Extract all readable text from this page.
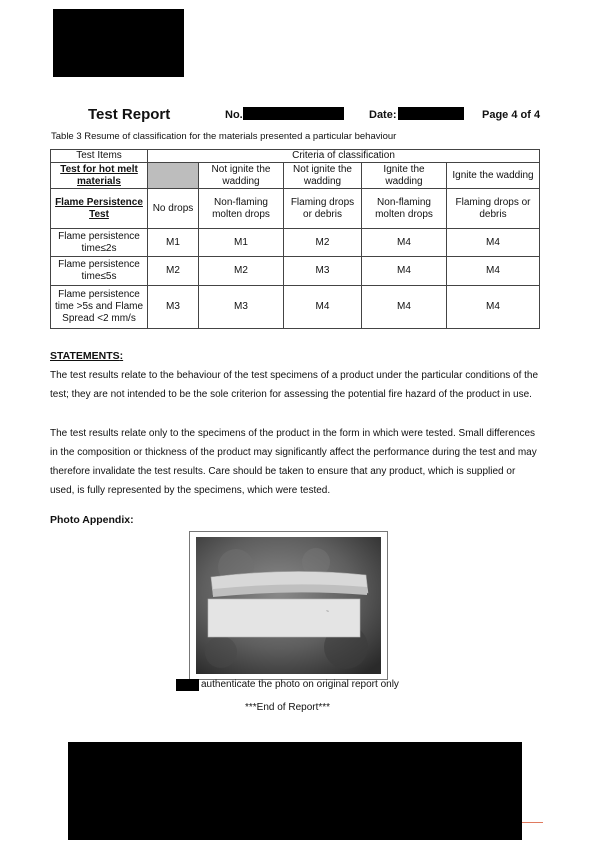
Test Report	No.	Date:	Page 4 of 4
Table 3 Resume of classification for the materials presented a particular behaviour
Test Items	Criteria of classification				
Test for hot melt materials		Not ignite the wadding	Not ignite the wadding	Ignite the wadding	Ignite the wadding
Flame Persistence Test	No drops	Non-flaming molten drops	Flaming drops or debris	Non-flaming molten drops	Flaming drops or debris
Flame persistence time≤2s	M1	M1	M2	M4	M4
Flame persistence time≤5s	M2	M2	M3	M4	M4
Flame persistence time >5s and Flame Spread <2 mm/s	M3	M3	M4	M4	M4
STATEMENTS:
The test results relate to the behaviour of the test specimens of a product under the particular conditions of the test; they are not intended to be the sole criterion for assessing the potential fire hazard of the product in use.
The test results relate only to the specimens of the product in the form in which were tested. Small differences in the composition or thickness of the product may significantly affect the performance during the test and may therefore invalidate the test results. Care should be taken to ensure that any product, which is supplied or used, is fully represented by the specimens, which were tested.
Photo Appendix:
~
authenticate the photo on original report only
***End of Report***
